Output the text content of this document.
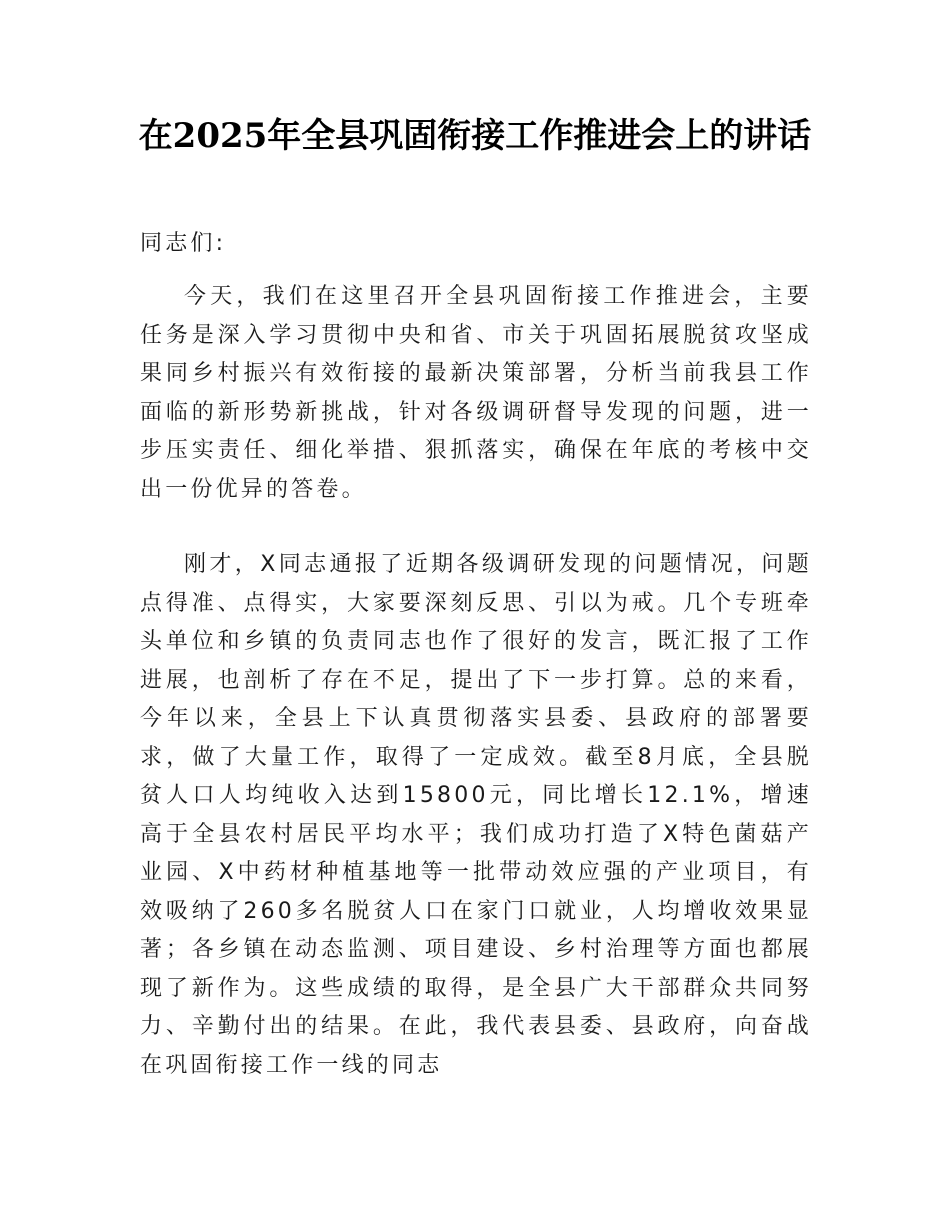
在2025年全县巩固衔接工作推进会上的讲话
同志们:

今天，我们在这里召开全县巩固衔接工作推进会，主要任务是深入学习贯彻中央和省、市关于巩固拓展脱贫攻坚成果同乡村振兴有效衔接的最新决策部署，分析当前我县工作面临的新形势新挑战，针对各级调研督导发现的问题，进一步压实责任、细化举措、狠抓落实，确保在年底的考核中交出一份优异的答卷。

刚才，X同志通报了近期各级调研发现的问题情况，问题点得准、点得实，大家要深刻反思、引以为戒。几个专班牵头单位和乡镇的负责同志也作了很好的发言，既汇报了工作进展，也剖析了存在不足，提出了下一步打算。总的来看，今年以来，全县上下认真贯彻落实县委、县政府的部署要求，做了大量工作，取得了一定成效。截至8月底，全县脱贫人口人均纯收入达到15800元，同比增长12.1%，增速高于全县农村居民平均水平；我们成功打造了X特色菌菇产业园、X中药材种植基地等一批带动效应强的产业项目，有效吸纳了260多名脱贫人口在家门口就业，人均增收效果显著；各乡镇在动态监测、项目建设、乡村治理等方面也都展现了新作为。这些成绩的取得，是全县广大干部群众共同努力、辛勤付出的结果。在此，我代表县委、县政府，向奋战在巩固衔接工作一线的同志
